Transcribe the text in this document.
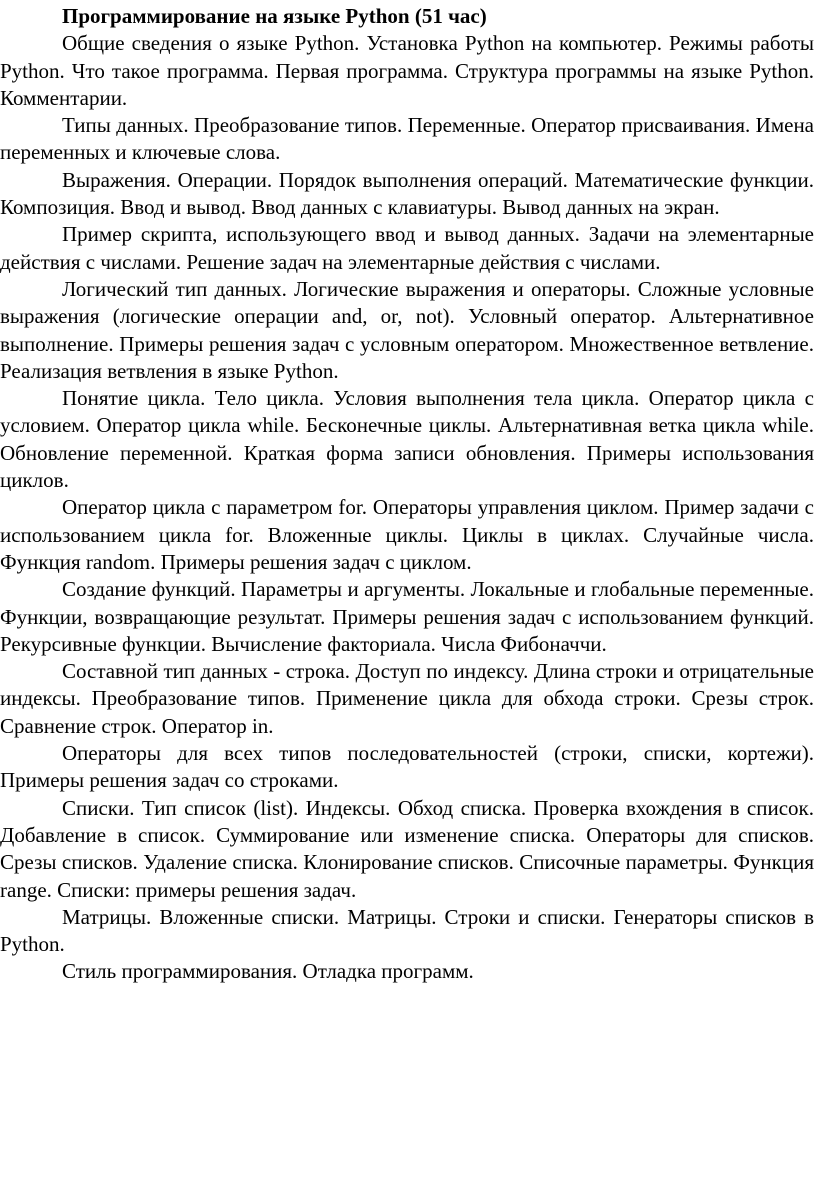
Программирование на языке Python (51 час)

Общие сведения о языке Python. Установка Python на компьютер. Режимы работы Python. Что такое программа. Первая программа. Структура программы на языке Python. Комментарии.

Типы данных. Преобразование типов. Переменные. Оператор присваивания. Имена переменных и ключевые слова.

Выражения. Операции. Порядок выполнения операций. Математические функции. Композиция. Ввод и вывод. Ввод данных с клавиатуры. Вывод данных на экран.

Пример скрипта, использующего ввод и вывод данных. Задачи на элементарные действия с числами. Решение задач на элементарные действия с числами.

Логический тип данных. Логические выражения и операторы. Сложные условные выражения (логические операции and, or, not). Условный оператор. Альтернативное выполнение. Примеры решения задач с условным оператором. Множественное ветвление. Реализация ветвления в языке Python.

Понятие цикла. Тело цикла. Условия выполнения тела цикла. Оператор цикла с условием. Оператор цикла while. Бесконечные циклы. Альтернативная ветка цикла while. Обновление переменной. Краткая форма записи обновления. Примеры использования циклов.

Оператор цикла с параметром for. Операторы управления циклом. Пример задачи с использованием цикла for. Вложенные циклы. Циклы в циклах. Случайные числа. Функция random. Примеры решения задач с циклом.

Создание функций. Параметры и аргументы. Локальные и глобальные переменные. Функции, возвращающие результат. Примеры решения задач с использованием функций. Рекурсивные функции. Вычисление факториала. Числа Фибоначчи.

Составной тип данных - строка. Доступ по индексу. Длина строки и отрицательные индексы. Преобразование типов. Применение цикла для обхода строки. Срезы строк. Сравнение строк. Оператор in.

Операторы для всех типов последовательностей (строки, списки, кортежи). Примеры решения задач со строками.

Списки. Тип список (list). Индексы. Обход списка. Проверка вхождения в список. Добавление в список. Суммирование или изменение списка. Операторы для списков. Срезы списков. Удаление списка. Клонирование списков. Списочные параметры. Функция range. Списки: примеры решения задач.

Матрицы. Вложенные списки. Матрицы. Строки и списки. Генераторы списков в Python.

Стиль программирования. Отладка программ.
